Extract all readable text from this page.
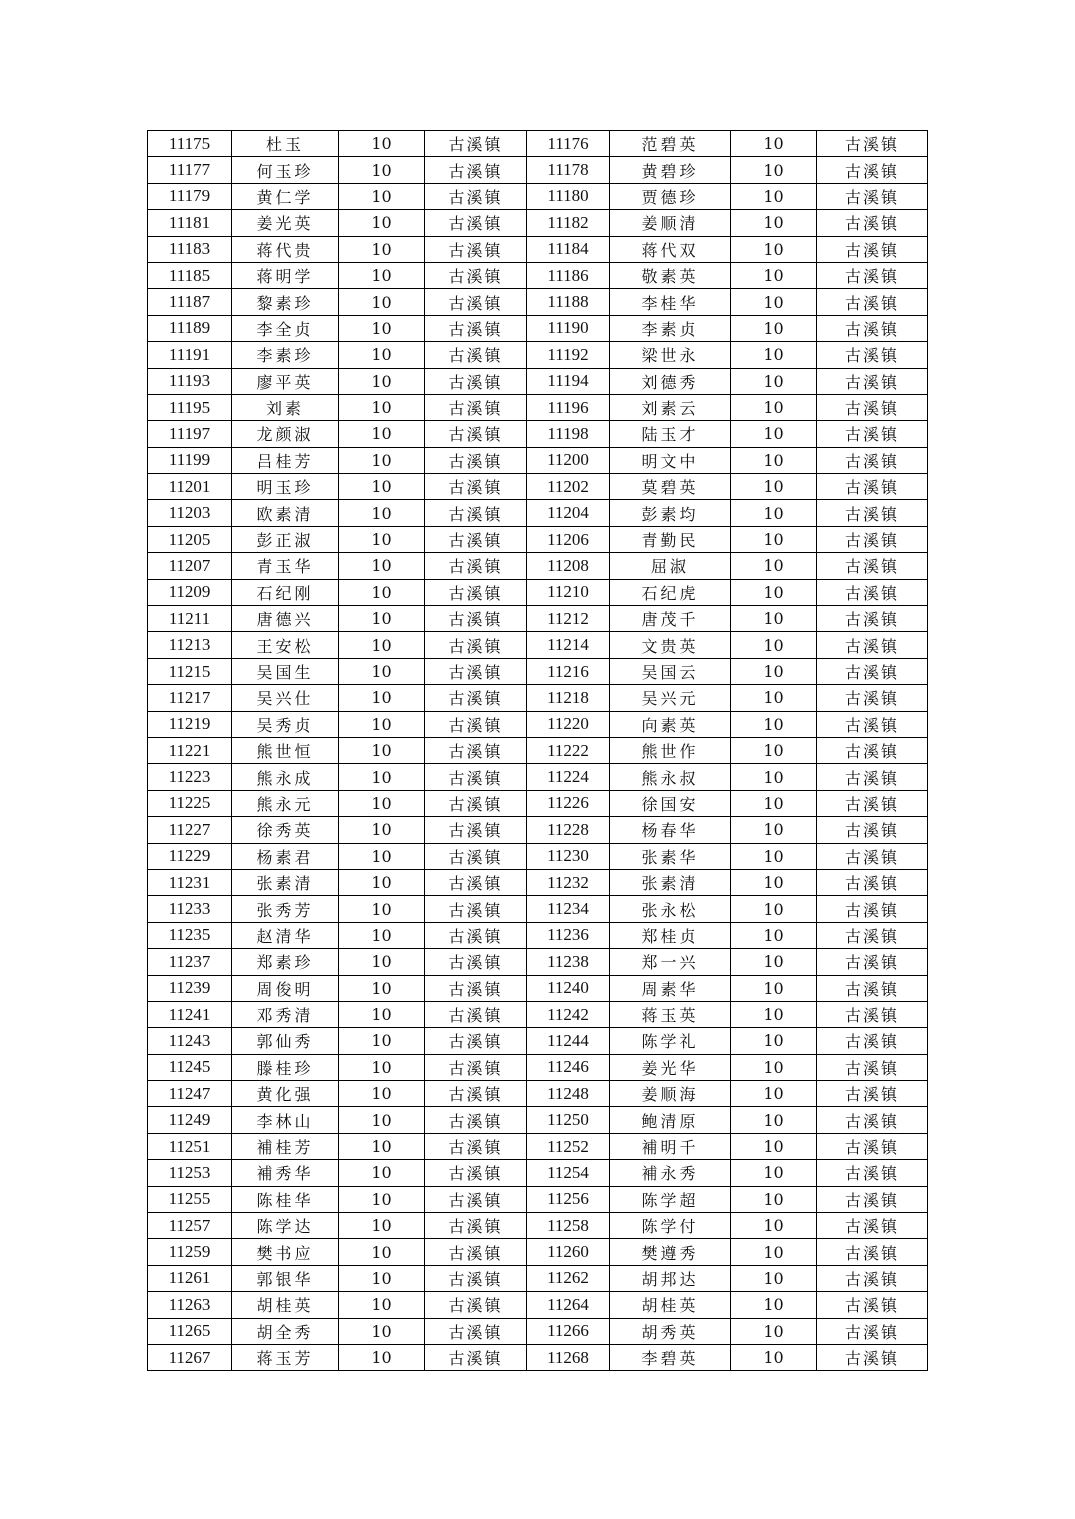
11175	杜玉	10	古溪镇	11176	范碧英	10	古溪镇
11177	何玉珍	10	古溪镇	11178	黄碧珍	10	古溪镇
11179	黄仁学	10	古溪镇	11180	贾德珍	10	古溪镇
11181	姜光英	10	古溪镇	11182	姜顺清	10	古溪镇
11183	蒋代贵	10	古溪镇	11184	蒋代双	10	古溪镇
11185	蒋明学	10	古溪镇	11186	敬素英	10	古溪镇
11187	黎素珍	10	古溪镇	11188	李桂华	10	古溪镇
11189	李全贞	10	古溪镇	11190	李素贞	10	古溪镇
11191	李素珍	10	古溪镇	11192	梁世永	10	古溪镇
11193	廖平英	10	古溪镇	11194	刘德秀	10	古溪镇
11195	刘素	10	古溪镇	11196	刘素云	10	古溪镇
11197	龙颜淑	10	古溪镇	11198	陆玉才	10	古溪镇
11199	吕桂芳	10	古溪镇	11200	明文中	10	古溪镇
11201	明玉珍	10	古溪镇	11202	莫碧英	10	古溪镇
11203	欧素清	10	古溪镇	11204	彭素均	10	古溪镇
11205	彭正淑	10	古溪镇	11206	青勤民	10	古溪镇
11207	青玉华	10	古溪镇	11208	屈淑	10	古溪镇
11209	石纪刚	10	古溪镇	11210	石纪虎	10	古溪镇
11211	唐德兴	10	古溪镇	11212	唐茂千	10	古溪镇
11213	王安松	10	古溪镇	11214	文贵英	10	古溪镇
11215	吴国生	10	古溪镇	11216	吴国云	10	古溪镇
11217	吴兴仕	10	古溪镇	11218	吴兴元	10	古溪镇
11219	吴秀贞	10	古溪镇	11220	向素英	10	古溪镇
11221	熊世恒	10	古溪镇	11222	熊世作	10	古溪镇
11223	熊永成	10	古溪镇	11224	熊永叔	10	古溪镇
11225	熊永元	10	古溪镇	11226	徐国安	10	古溪镇
11227	徐秀英	10	古溪镇	11228	杨春华	10	古溪镇
11229	杨素君	10	古溪镇	11230	张素华	10	古溪镇
11231	张素清	10	古溪镇	11232	张素清	10	古溪镇
11233	张秀芳	10	古溪镇	11234	张永松	10	古溪镇
11235	赵清华	10	古溪镇	11236	郑桂贞	10	古溪镇
11237	郑素珍	10	古溪镇	11238	郑一兴	10	古溪镇
11239	周俊明	10	古溪镇	11240	周素华	10	古溪镇
11241	邓秀清	10	古溪镇	11242	蒋玉英	10	古溪镇
11243	郭仙秀	10	古溪镇	11244	陈学礼	10	古溪镇
11245	滕桂珍	10	古溪镇	11246	姜光华	10	古溪镇
11247	黄化强	10	古溪镇	11248	姜顺海	10	古溪镇
11249	李林山	10	古溪镇	11250	鲍清原	10	古溪镇
11251	補桂芳	10	古溪镇	11252	補明千	10	古溪镇
11253	補秀华	10	古溪镇	11254	補永秀	10	古溪镇
11255	陈桂华	10	古溪镇	11256	陈学超	10	古溪镇
11257	陈学达	10	古溪镇	11258	陈学付	10	古溪镇
11259	樊书应	10	古溪镇	11260	樊遵秀	10	古溪镇
11261	郭银华	10	古溪镇	11262	胡邦达	10	古溪镇
11263	胡桂英	10	古溪镇	11264	胡桂英	10	古溪镇
11265	胡全秀	10	古溪镇	11266	胡秀英	10	古溪镇
11267	蒋玉芳	10	古溪镇	11268	李碧英	10	古溪镇
